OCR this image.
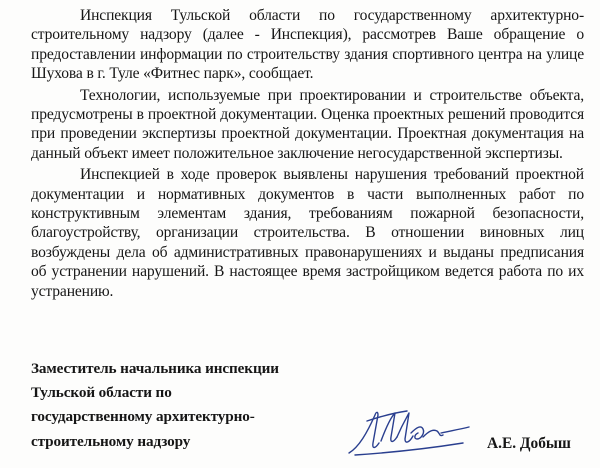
Инспекция Тульской области по государственному архитектурно-строительному надзору (далее - Инспекция), рассмотрев Ваше обращение о предоставлении информации по строительству здания спортивного центра на улице Шухова в г. Туле «Фитнес парк», сообщает.

Технологии, используемые при проектировании и строительстве объекта, предусмотрены в проектной документации. Оценка проектных решений проводится при проведении экспертизы проектной документации. Проектная документация на данный объект имеет положительное заключение негосударственной экспертизы.

Инспекцией в ходе проверок выявлены нарушения требований проектной документации и нормативных документов в части выполненных работ по конструктивным элементам здания, требованиям пожарной безопасности, благоустройству, организации строительства. В отношении виновных лиц возбуждены дела об административных правонарушениях и выданы предписания об устранении нарушений. В настоящее время застройщиком ведется работа по их устранению.

Заместитель начальника инспекции
Тульской области по
государственному архитектурно-
строительному надзору	А.Е. Добыш
